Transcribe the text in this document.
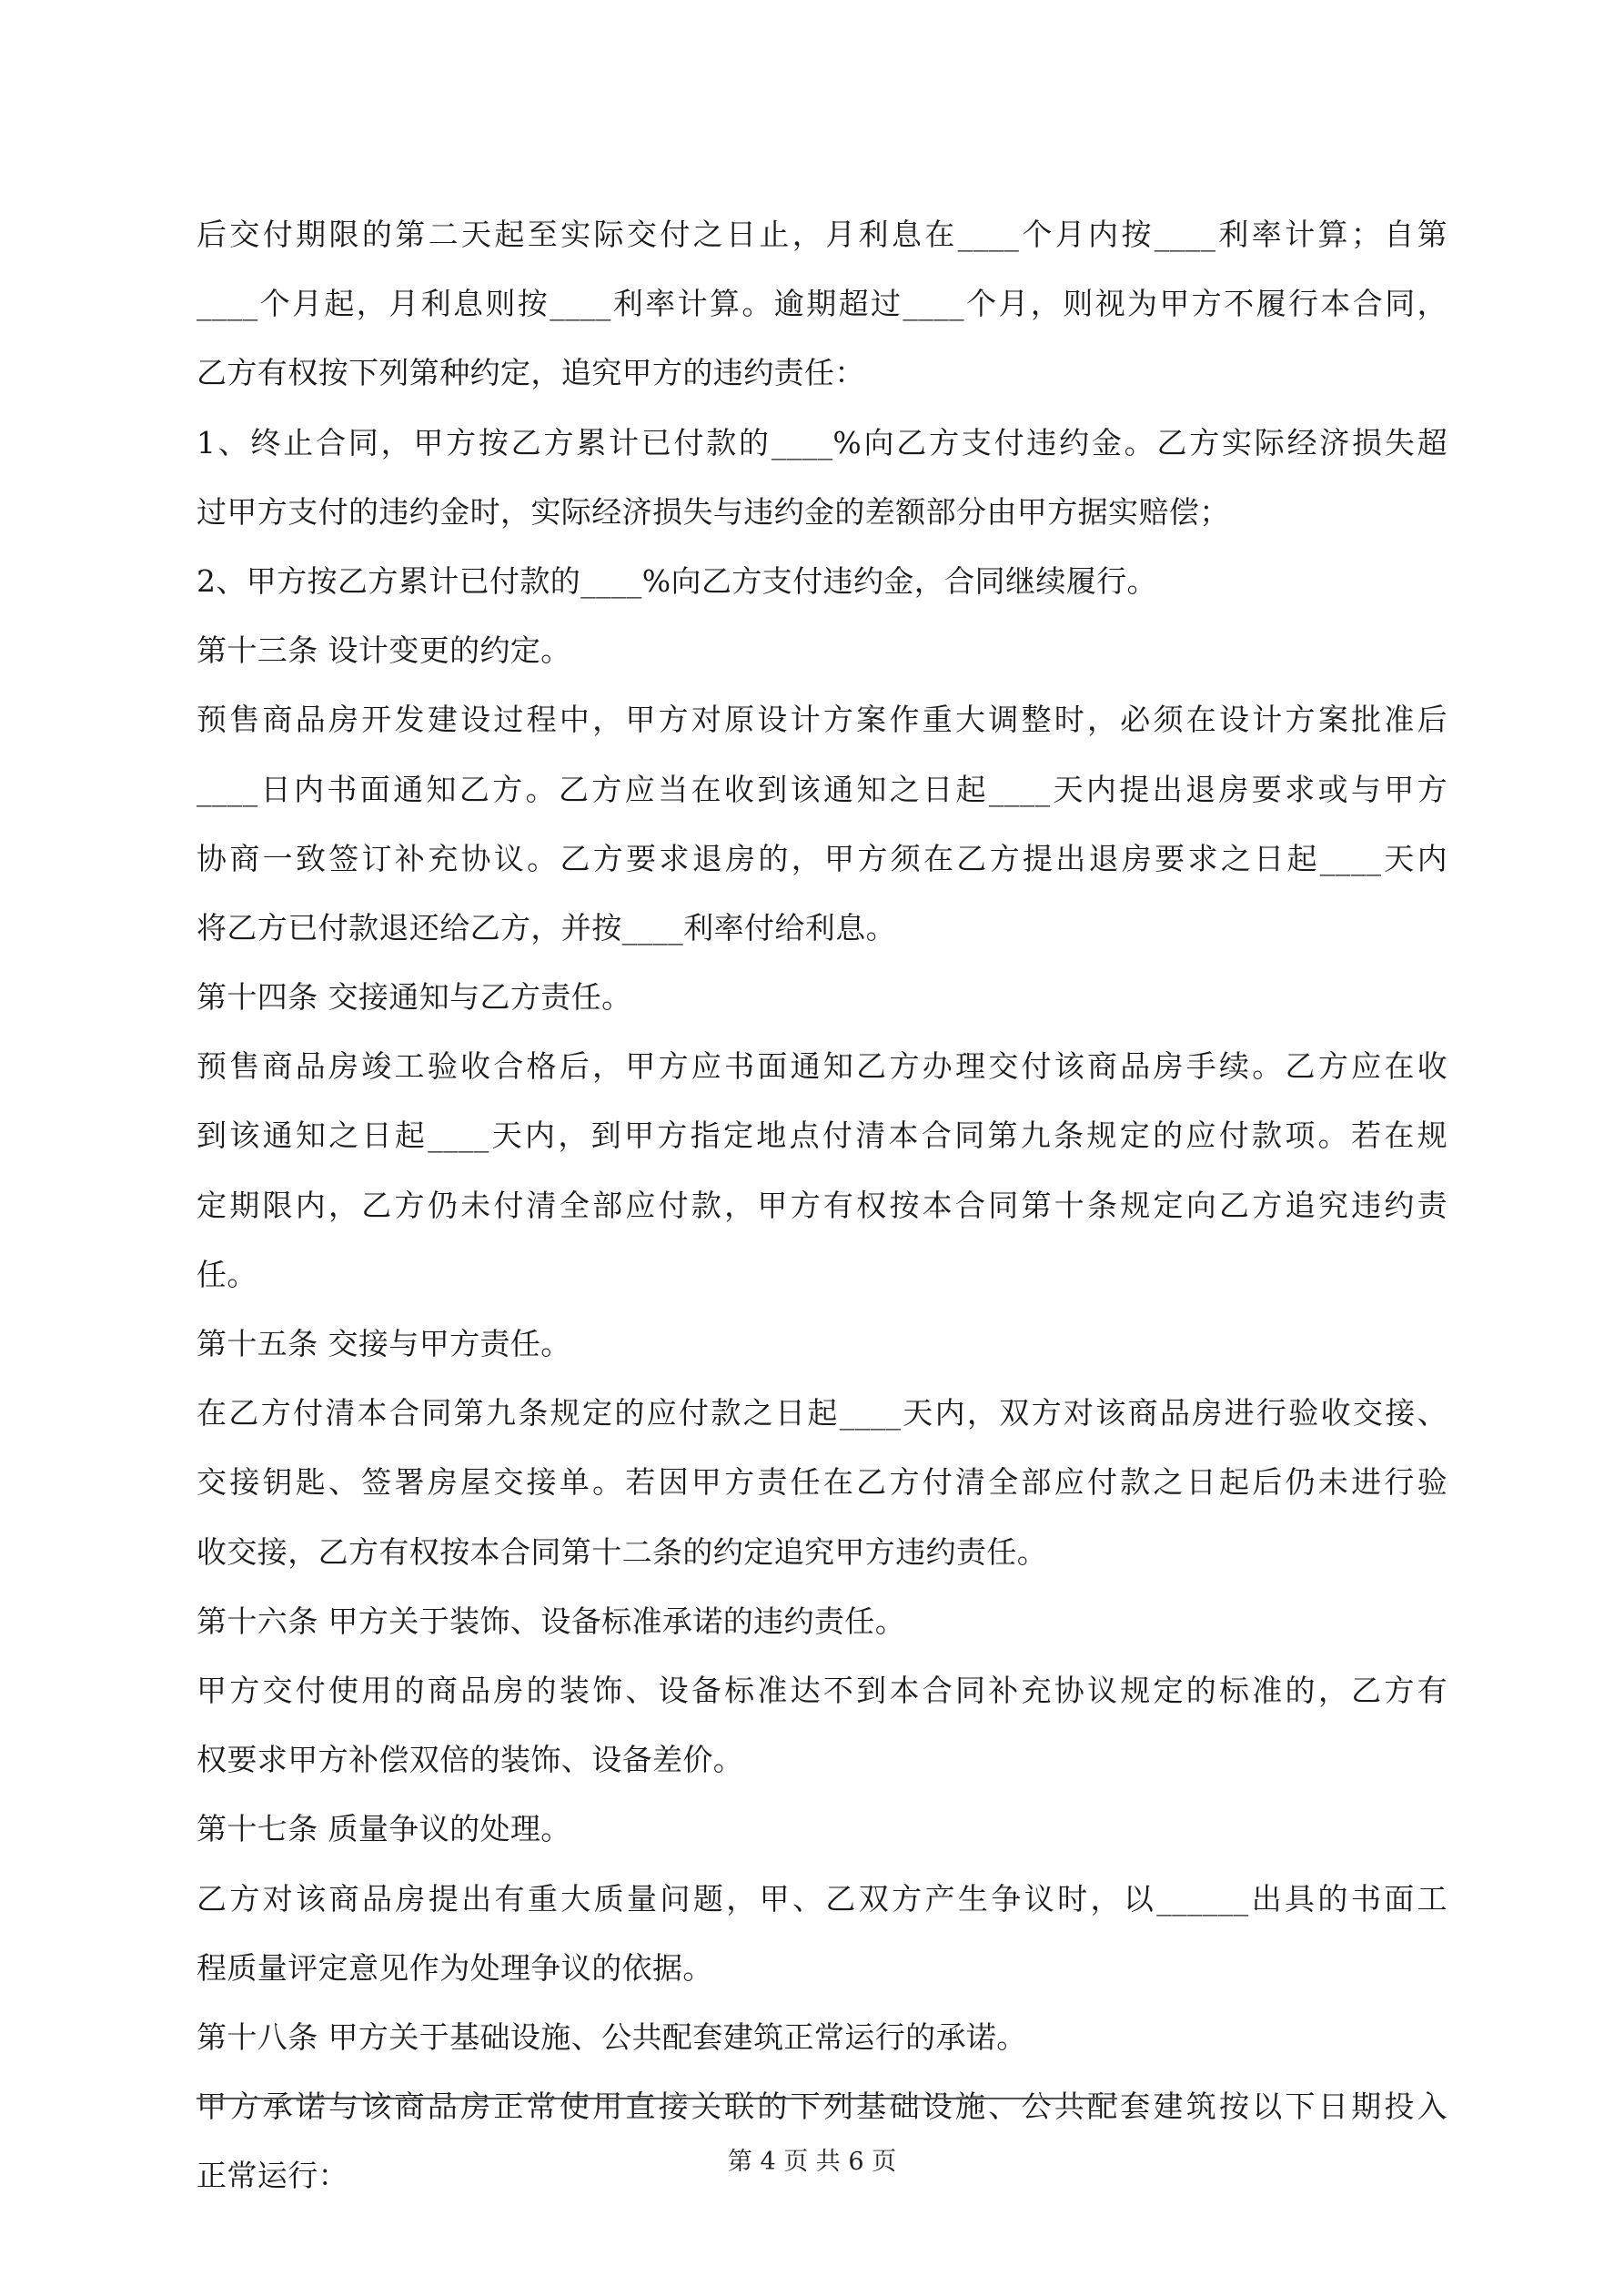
后交付期限的第二天起至实际交付之日止，月利息在____个月内按____利率计算；自第
____个月起，月利息则按____利率计算。逾期超过____个月，则视为甲方不履行本合同，
乙方有权按下列第种约定，追究甲方的违约责任：
1、终止合同，甲方按乙方累计已付款的____%向乙方支付违约金。乙方实际经济损失超
过甲方支付的违约金时，实际经济损失与违约金的差额部分由甲方据实赔偿；
2、甲方按乙方累计已付款的____%向乙方支付违约金，合同继续履行。
第十三条 设计变更的约定。
预售商品房开发建设过程中，甲方对原设计方案作重大调整时，必须在设计方案批准后
____日内书面通知乙方。乙方应当在收到该通知之日起____天内提出退房要求或与甲方
协商一致签订补充协议。乙方要求退房的，甲方须在乙方提出退房要求之日起____天内
将乙方已付款退还给乙方，并按____利率付给利息。
第十四条 交接通知与乙方责任。
预售商品房竣工验收合格后，甲方应书面通知乙方办理交付该商品房手续。乙方应在收
到该通知之日起____天内，到甲方指定地点付清本合同第九条规定的应付款项。若在规
定期限内，乙方仍未付清全部应付款，甲方有权按本合同第十条规定向乙方追究违约责
任。
第十五条 交接与甲方责任。
在乙方付清本合同第九条规定的应付款之日起____天内，双方对该商品房进行验收交接、
交接钥匙、签署房屋交接单。若因甲方责任在乙方付清全部应付款之日起后仍未进行验
收交接，乙方有权按本合同第十二条的约定追究甲方违约责任。
第十六条 甲方关于装饰、设备标准承诺的违约责任。
甲方交付使用的商品房的装饰、设备标准达不到本合同补充协议规定的标准的，乙方有
权要求甲方补偿双倍的装饰、设备差价。
第十七条 质量争议的处理。
乙方对该商品房提出有重大质量问题，甲、乙双方产生争议时，以______出具的书面工
程质量评定意见作为处理争议的依据。
第十八条 甲方关于基础设施、公共配套建筑正常运行的承诺。
甲方承诺与该商品房正常使用直接关联的下列基础设施、公共配套建筑按以下日期投入
正常运行：	第 4 页 共 6 页
